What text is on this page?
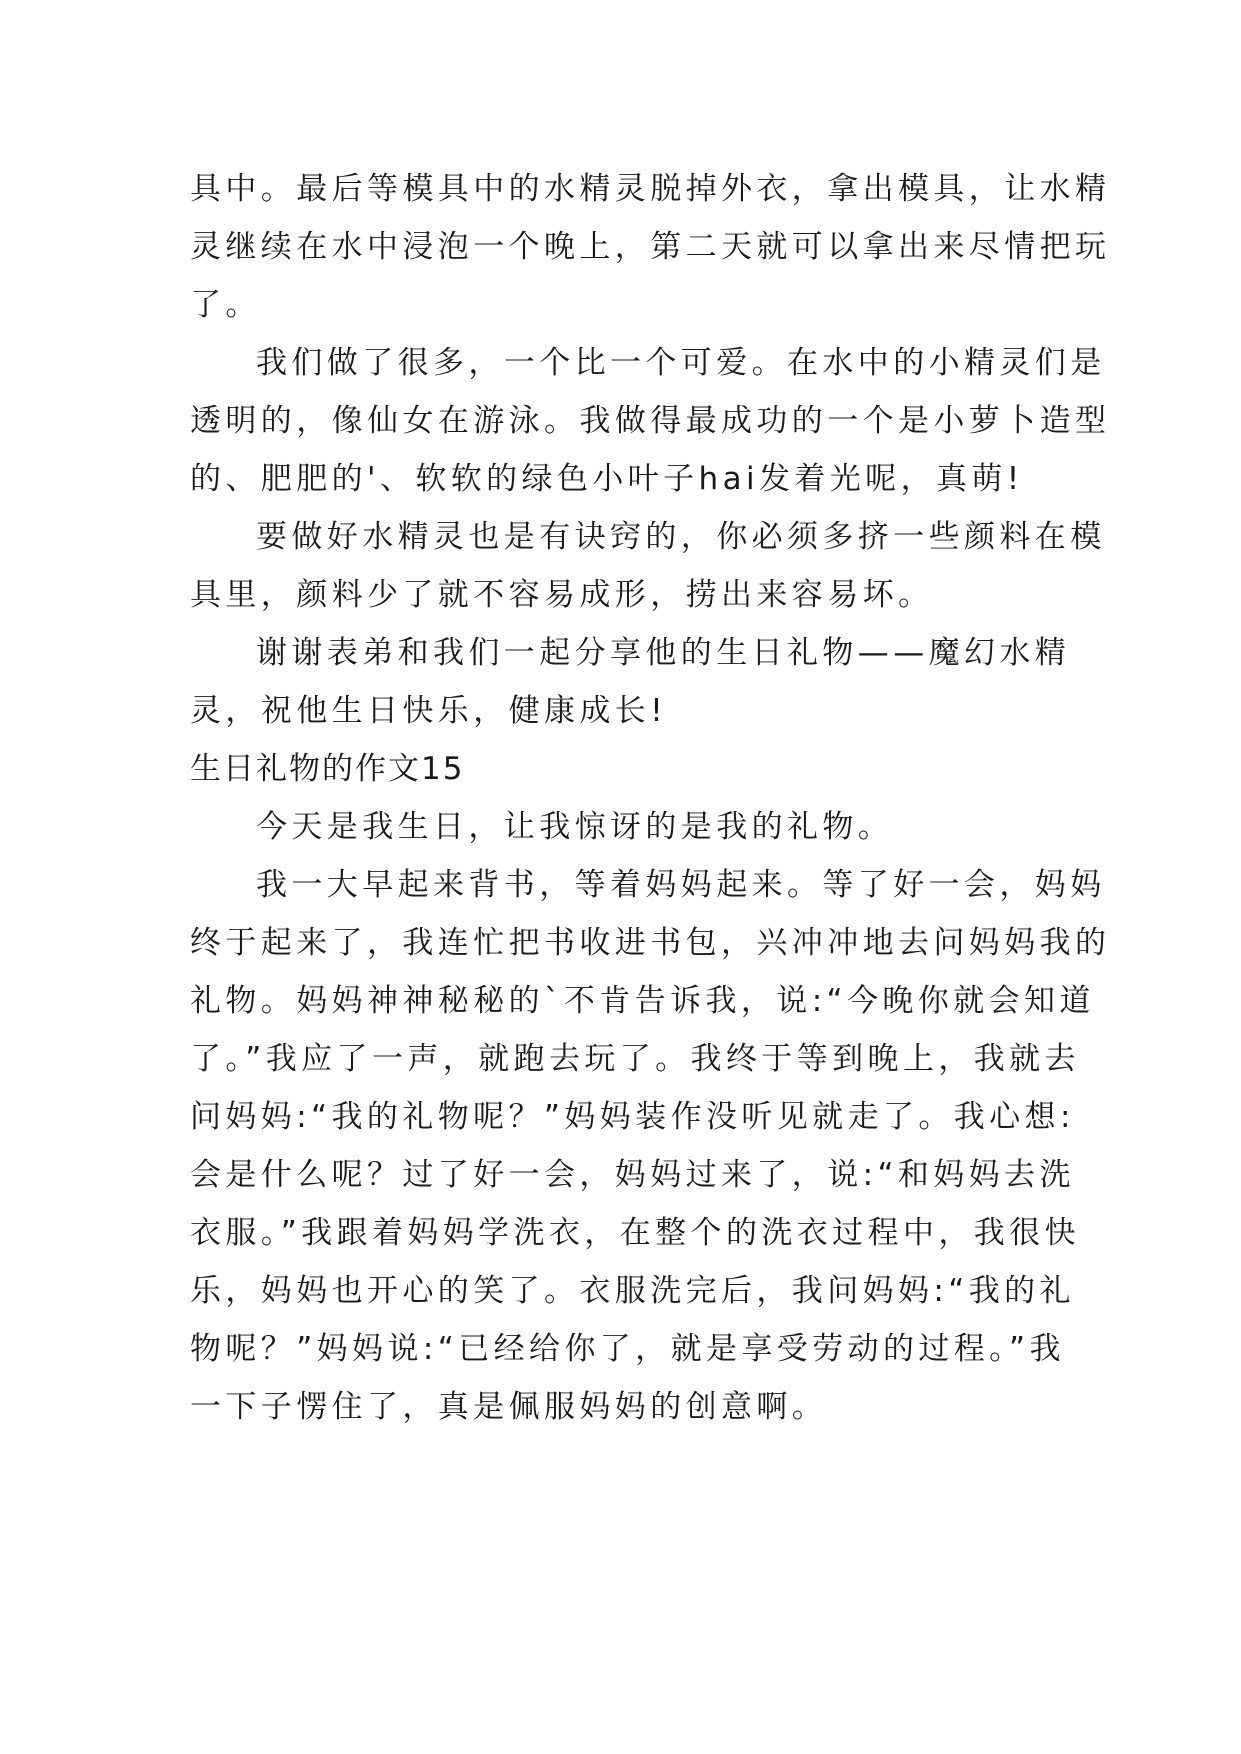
具中。最后等模具中的水精灵脱掉外衣，拿出模具，让水精
灵继续在水中浸泡一个晚上，第二天就可以拿出来尽情把玩
了。
我们做了很多，一个比一个可爱。在水中的小精灵们是
透明的，像仙女在游泳。我做得最成功的一个是小萝卜造型
的、肥肥的'、软软的绿色小叶子hai发着光呢，真萌!
要做好水精灵也是有诀窍的，你必须多挤一些颜料在模
具里，颜料少了就不容易成形，捞出来容易坏。
谢谢表弟和我们一起分享他的生日礼物——魔幻水精
灵，祝他生日快乐，健康成长!
生日礼物的作文15
今天是我生日，让我惊讶的是我的礼物。
我一大早起来背书，等着妈妈起来。等了好一会，妈妈
终于起来了，我连忙把书收进书包，兴冲冲地去问妈妈我的
礼物。妈妈神神秘秘的`不肯告诉我，说:“今晚你就会知道
了。”我应了一声，就跑去玩了。我终于等到晚上，我就去
问妈妈:“我的礼物呢？”妈妈装作没听见就走了。我心想:
会是什么呢？过了好一会，妈妈过来了，说:“和妈妈去洗
衣服。”我跟着妈妈学洗衣，在整个的洗衣过程中，我很快
乐，妈妈也开心的笑了。衣服洗完后，我问妈妈:“我的礼
物呢？”妈妈说:“已经给你了，就是享受劳动的过程。”我
一下子愣住了，真是佩服妈妈的创意啊。
